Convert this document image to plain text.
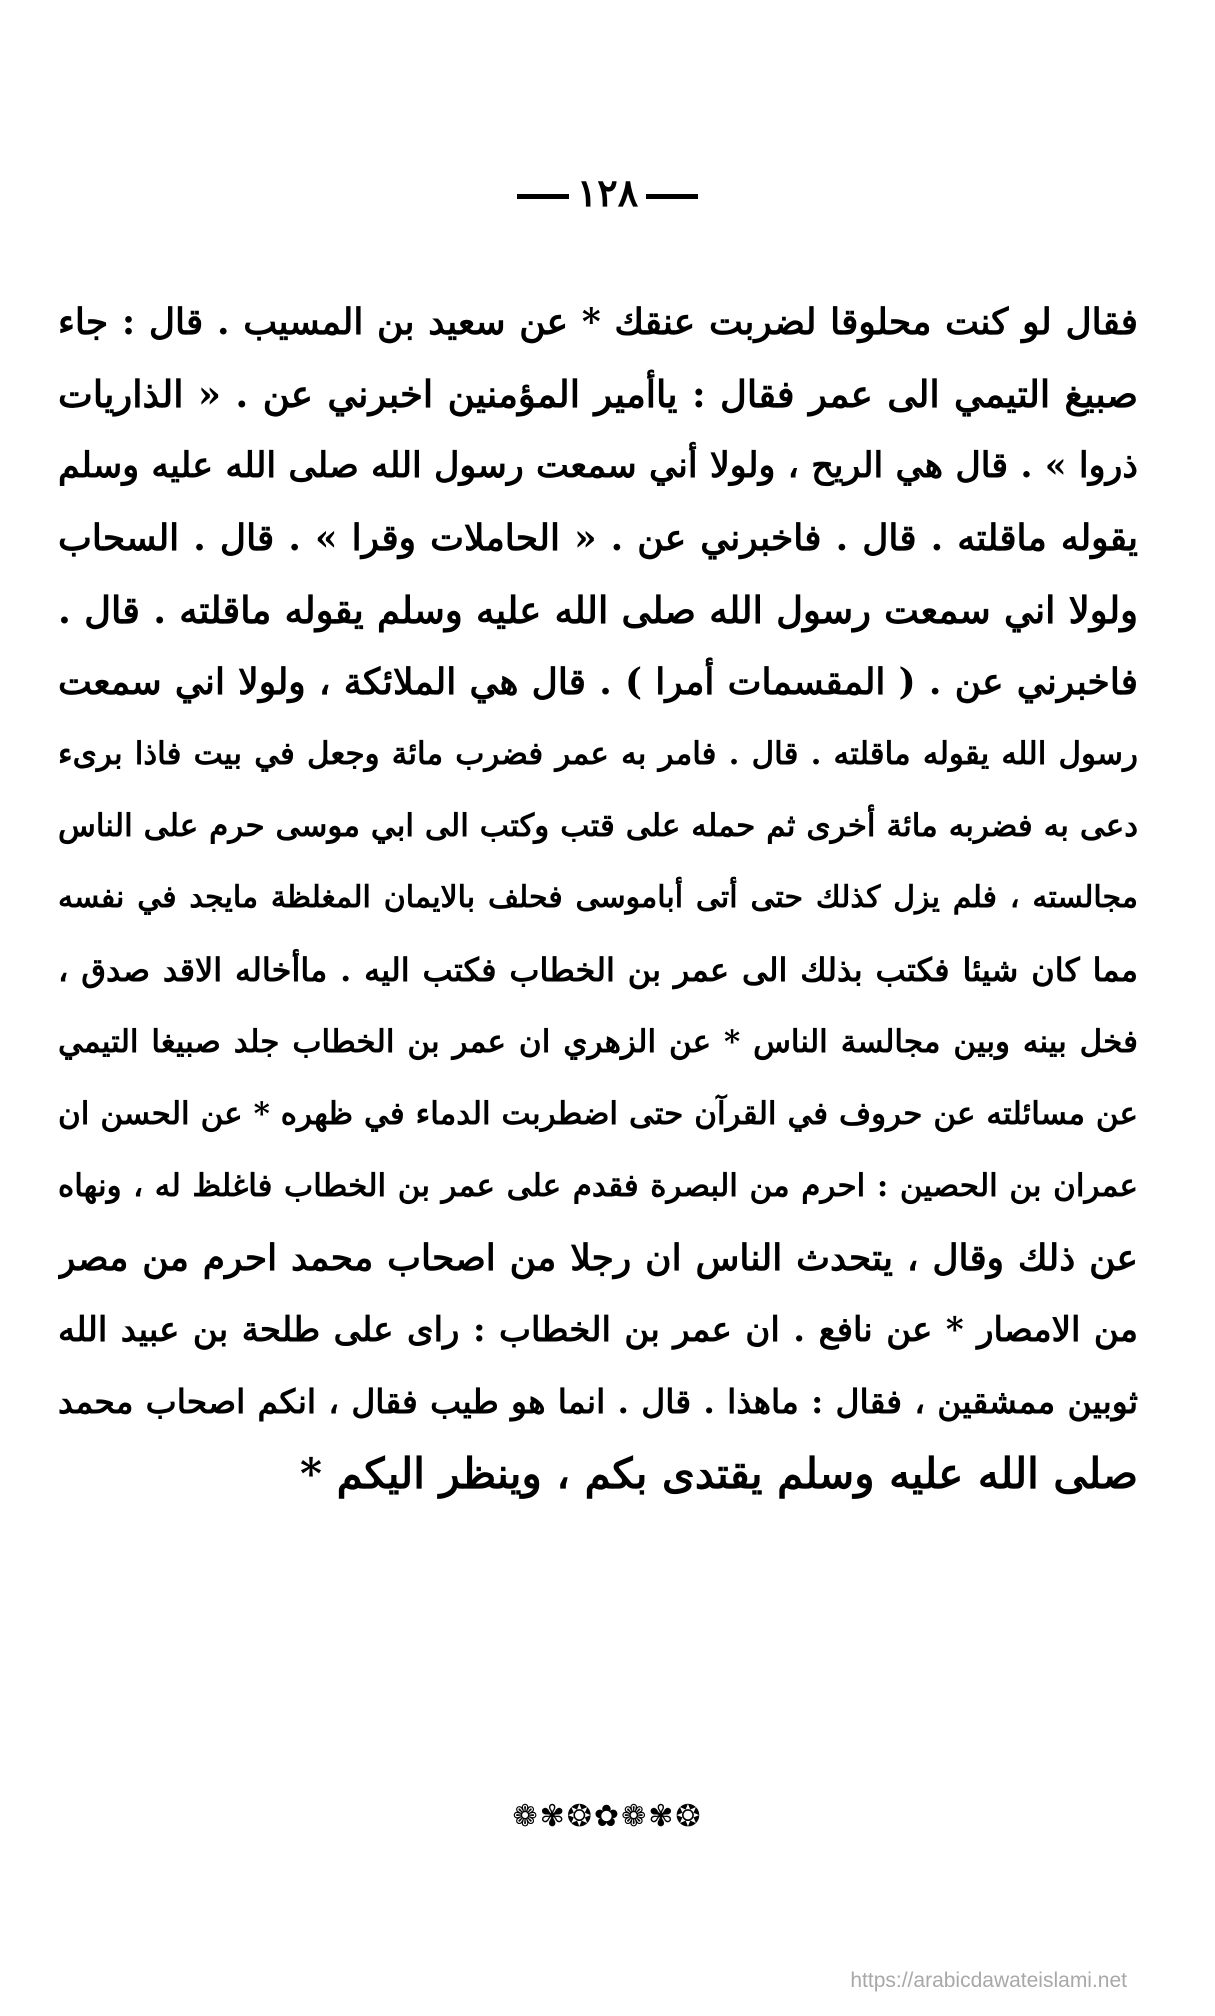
١٢٨
فقال لو كنت محلوقا لضربت عنقك * عن سعيد بن المسيب . قال : جاء
صبيغ التيمي الى عمر فقال : ياأمير المؤمنين اخبرني عن . « الذاريات
ذروا » . قال هي الريح ، ولولا أني سمعت رسول الله صلى الله عليه وسلم
يقوله ماقلته . قال . فاخبرني عن . « الحاملات وقرا » . قال . السحاب
ولولا اني سمعت رسول الله صلى الله عليه وسلم يقوله ماقلته . قال .
فاخبرني عن . ( المقسمات أمرا ) . قال هي الملائكة ، ولولا اني سمعت
رسول الله يقوله ماقلته . قال . فامر به عمر فضرب مائة وجعل في بيت فاذا برىء
دعى به فضربه مائة أخرى ثم حمله على قتب وكتب الى ابي موسى حرم على الناس
مجالسته ، فلم يزل كذلك حتى أتى أباموسى فحلف بالايمان المغلظة مايجد في نفسه
مما كان شيئا فكتب بذلك الى عمر بن الخطاب فكتب اليه . ماأخاله الاقد صدق ،
فخل بينه وبين مجالسة الناس * عن الزهري ان عمر بن الخطاب جلد صبيغا التيمي
عن مسائلته عن حروف في القرآن حتى اضطربت الدماء في ظهره * عن الحسن ان
عمران بن الحصين : احرم من البصرة فقدم على عمر بن الخطاب فاغلظ له ، ونهاه
عن ذلك وقال ، يتحدث الناس ان رجلا من اصحاب محمد احرم من مصر
من الامصار * عن نافع . ان عمر بن الخطاب : راى على طلحة بن عبيد الله
ثوبين ممشقين ، فقال : ماهذا . قال . انما هو طيب فقال ، انكم اصحاب محمد
صلى الله عليه وسلم يقتدى بكم ، وينظر اليكم *
❁✾❂✿❁✾❂
https://arabicdawateislami.net
